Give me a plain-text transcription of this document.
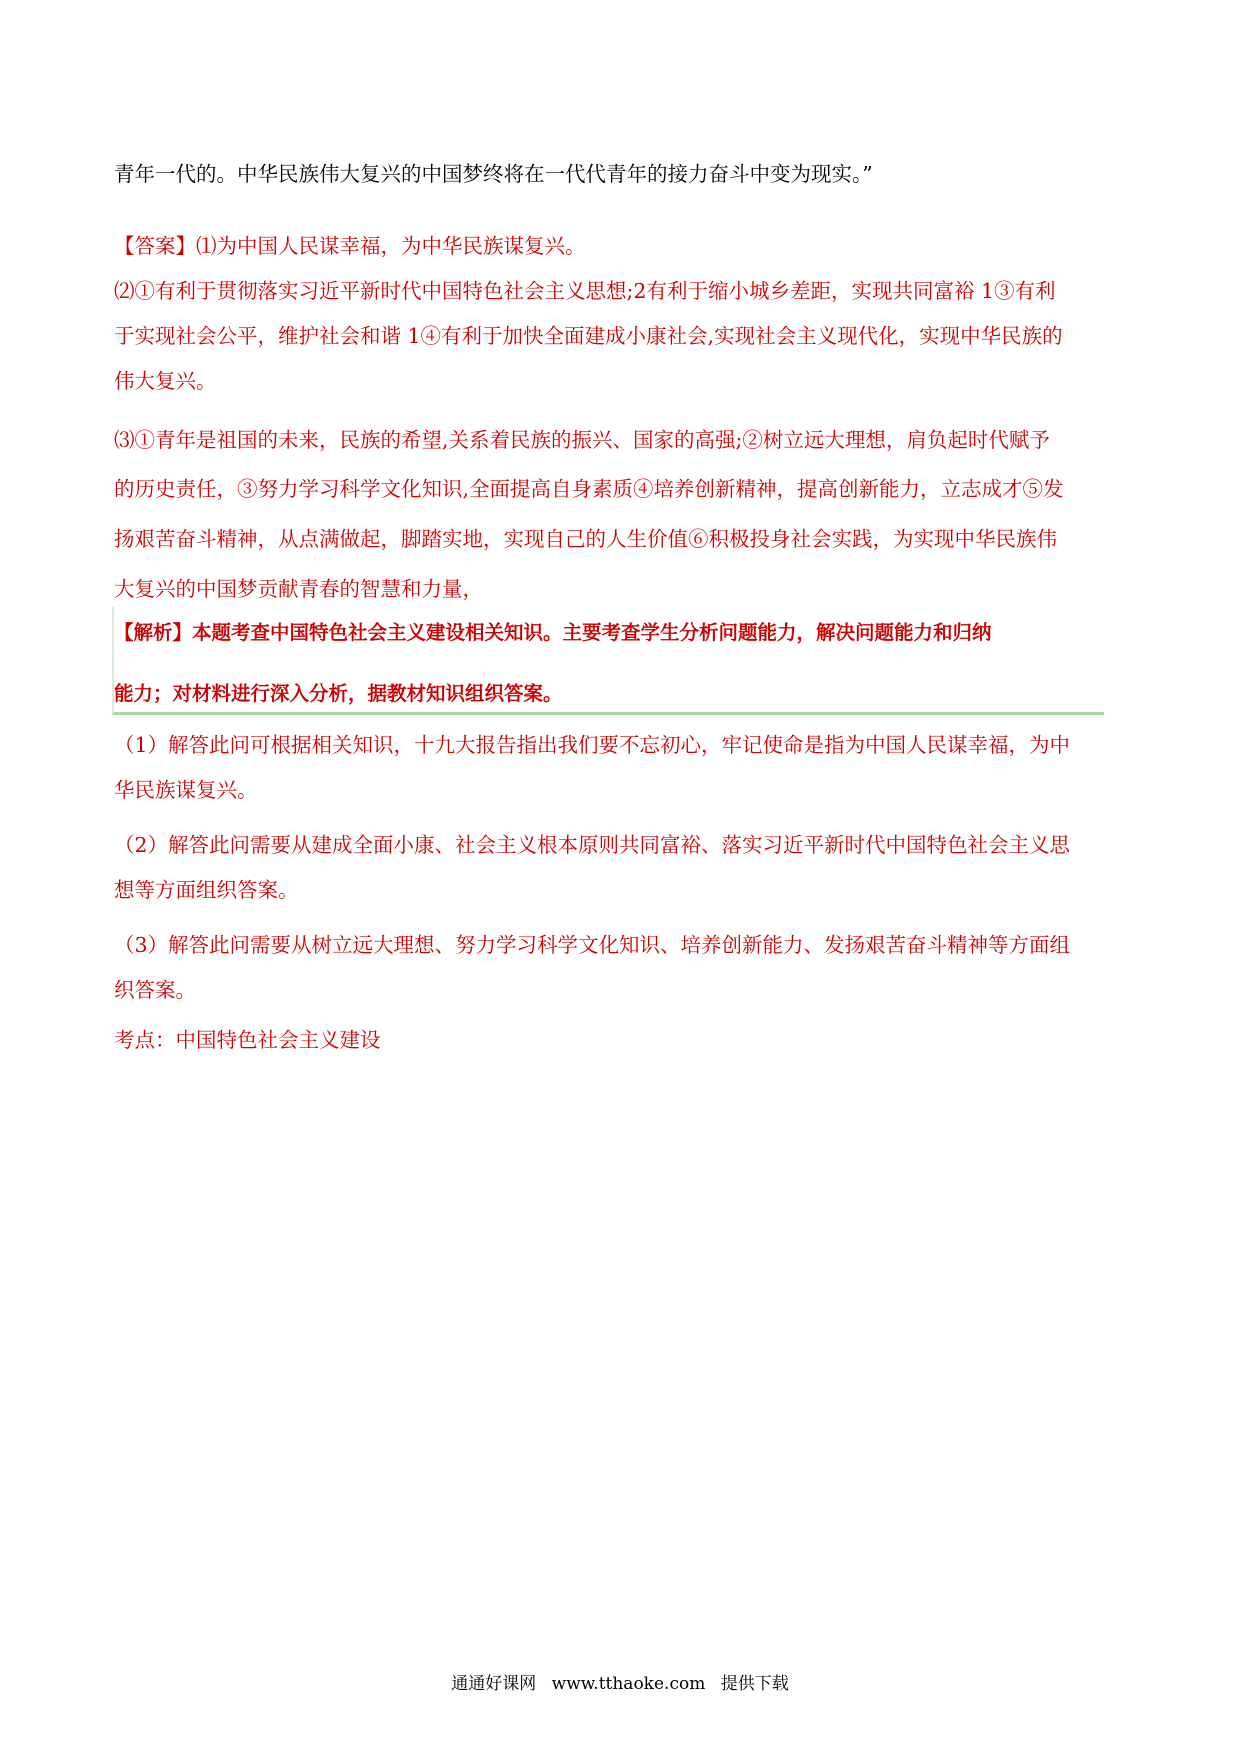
青年一代的。中华民族伟大复兴的中国梦终将在一代代青年的接力奋斗中变为现实。”
【答案】⑴为中国人民谋幸福，为中华民族谋复兴。
⑵①有利于贯彻落实习近平新时代中国特色社会主义思想;2有利于缩小城乡差距，实现共同富裕 1③有利
于实现社会公平，维护社会和谐 1④有利于加快全面建成小康社会,实现社会主义现代化，实现中华民族的
伟大复兴。
⑶①青年是祖国的未来，民族的希望,关系着民族的振兴、国家的高强;②树立远大理想，肩负起时代赋予
的历史责任，③努力学习科学文化知识,全面提高自身素质④培养创新精神，提高创新能力，立志成才⑤发
扬艰苦奋斗精神，从点满做起，脚踏实地，实现自己的人生价值⑥积极投身社会实践，为实现中华民族伟
大复兴的中国梦贡献青春的智慧和力量，
【解析】本题考查中国特色社会主义建设相关知识。主要考查学生分析问题能力，解决问题能力和归纳
能力；对材料进行深入分析，据教材知识组织答案。
（1）解答此问可根据相关知识，十九大报告指出我们要不忘初心，牢记使命是指为中国人民谋幸福，为中
华民族谋复兴。
（2）解答此问需要从建成全面小康、社会主义根本原则共同富裕、落实习近平新时代中国特色社会主义思
想等方面组织答案。
（3）解答此问需要从树立远大理想、努力学习科学文化知识、培养创新能力、发扬艰苦奋斗精神等方面组
织答案。
考点：中国特色社会主义建设
通通好课网 www.tthaoke.com 提供下载
